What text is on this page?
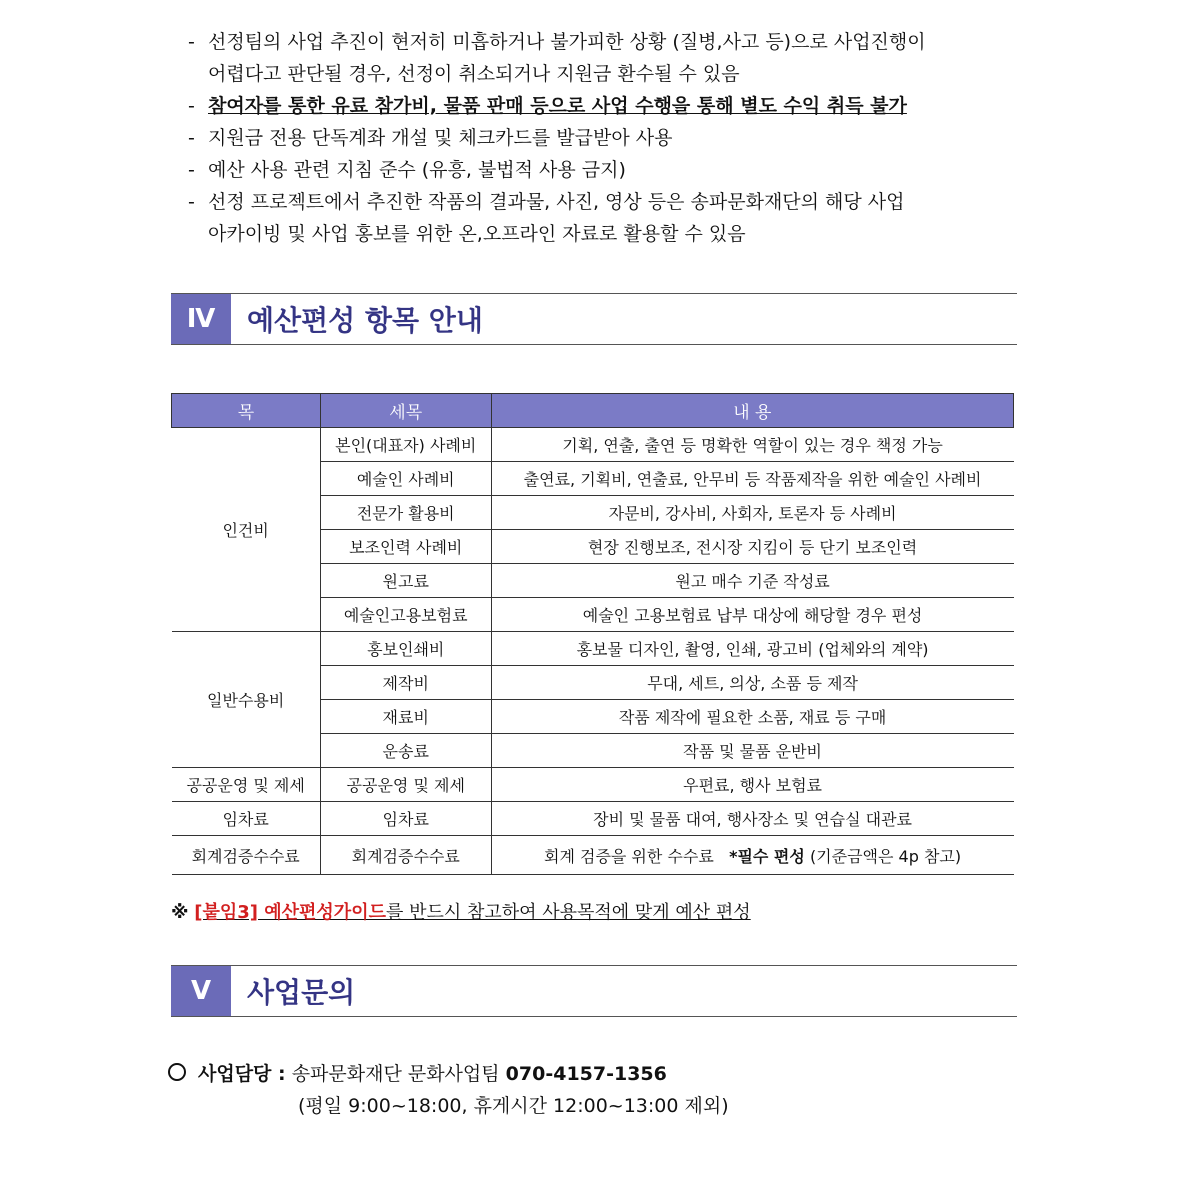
- 선정팀의 사업 추진이 현저히 미흡하거나 불가피한 상황 (질병,사고 등)으로 사업진행이
어렵다고 판단될 경우, 선정이 취소되거나 지원금 환수될 수 있음
- 참여자를 통한 유료 참가비, 물품 판매 등으로 사업 수행을 통해 별도 수익 취득 불가
- 지원금 전용 단독계좌 개설 및 체크카드를 발급받아 사용
- 예산 사용 관련 지침 준수 (유흥, 불법적 사용 금지)
- 선정 프로젝트에서 추진한 작품의 결과물, 사진, 영상 등은 송파문화재단의 해당 사업
아카이빙 및 사업 홍보를 위한 온,오프라인 자료로 활용할 수 있음
Ⅳ	예산편성 항목 안내
목	세목	내 용
인건비	본인(대표자) 사례비	기획, 연출, 출연 등 명확한 역할이 있는 경우 책정 가능
	예술인 사례비	출연료, 기획비, 연출료, 안무비 등 작품제작을 위한 예술인 사례비
	전문가 활용비	자문비, 강사비, 사회자, 토론자 등 사례비
	보조인력 사례비	현장 진행보조, 전시장 지킴이 등 단기 보조인력
	원고료	원고 매수 기준 작성료
	예술인고용보험료	예술인 고용보험료 납부 대상에 해당할 경우 편성
일반수용비	홍보인쇄비	홍보물 디자인, 촬영, 인쇄, 광고비 (업체와의 계약)
	제작비	무대, 세트, 의상, 소품 등 제작
	재료비	작품 제작에 필요한 소품, 재료 등 구매
	운송료	작품 및 물품 운반비
공공운영 및 제세	공공운영 및 제세	우편료, 행사 보험료
임차료	임차료	장비 및 물품 대여, 행사장소 및 연습실 대관료
회계검증수수료	회계검증수수료	회계 검증을 위한 수수료 *필수 편성 (기준금액은 4p 참고)
※ [붙임3] 예산편성가이드를 반드시 참고하여 사용목적에 맞게 예산 편성
Ⅴ	사업문의
사업담당 : 송파문화재단 문화사업팀 070-4157-1356
(평일 9:00~18:00, 휴게시간 12:00~13:00 제외)
